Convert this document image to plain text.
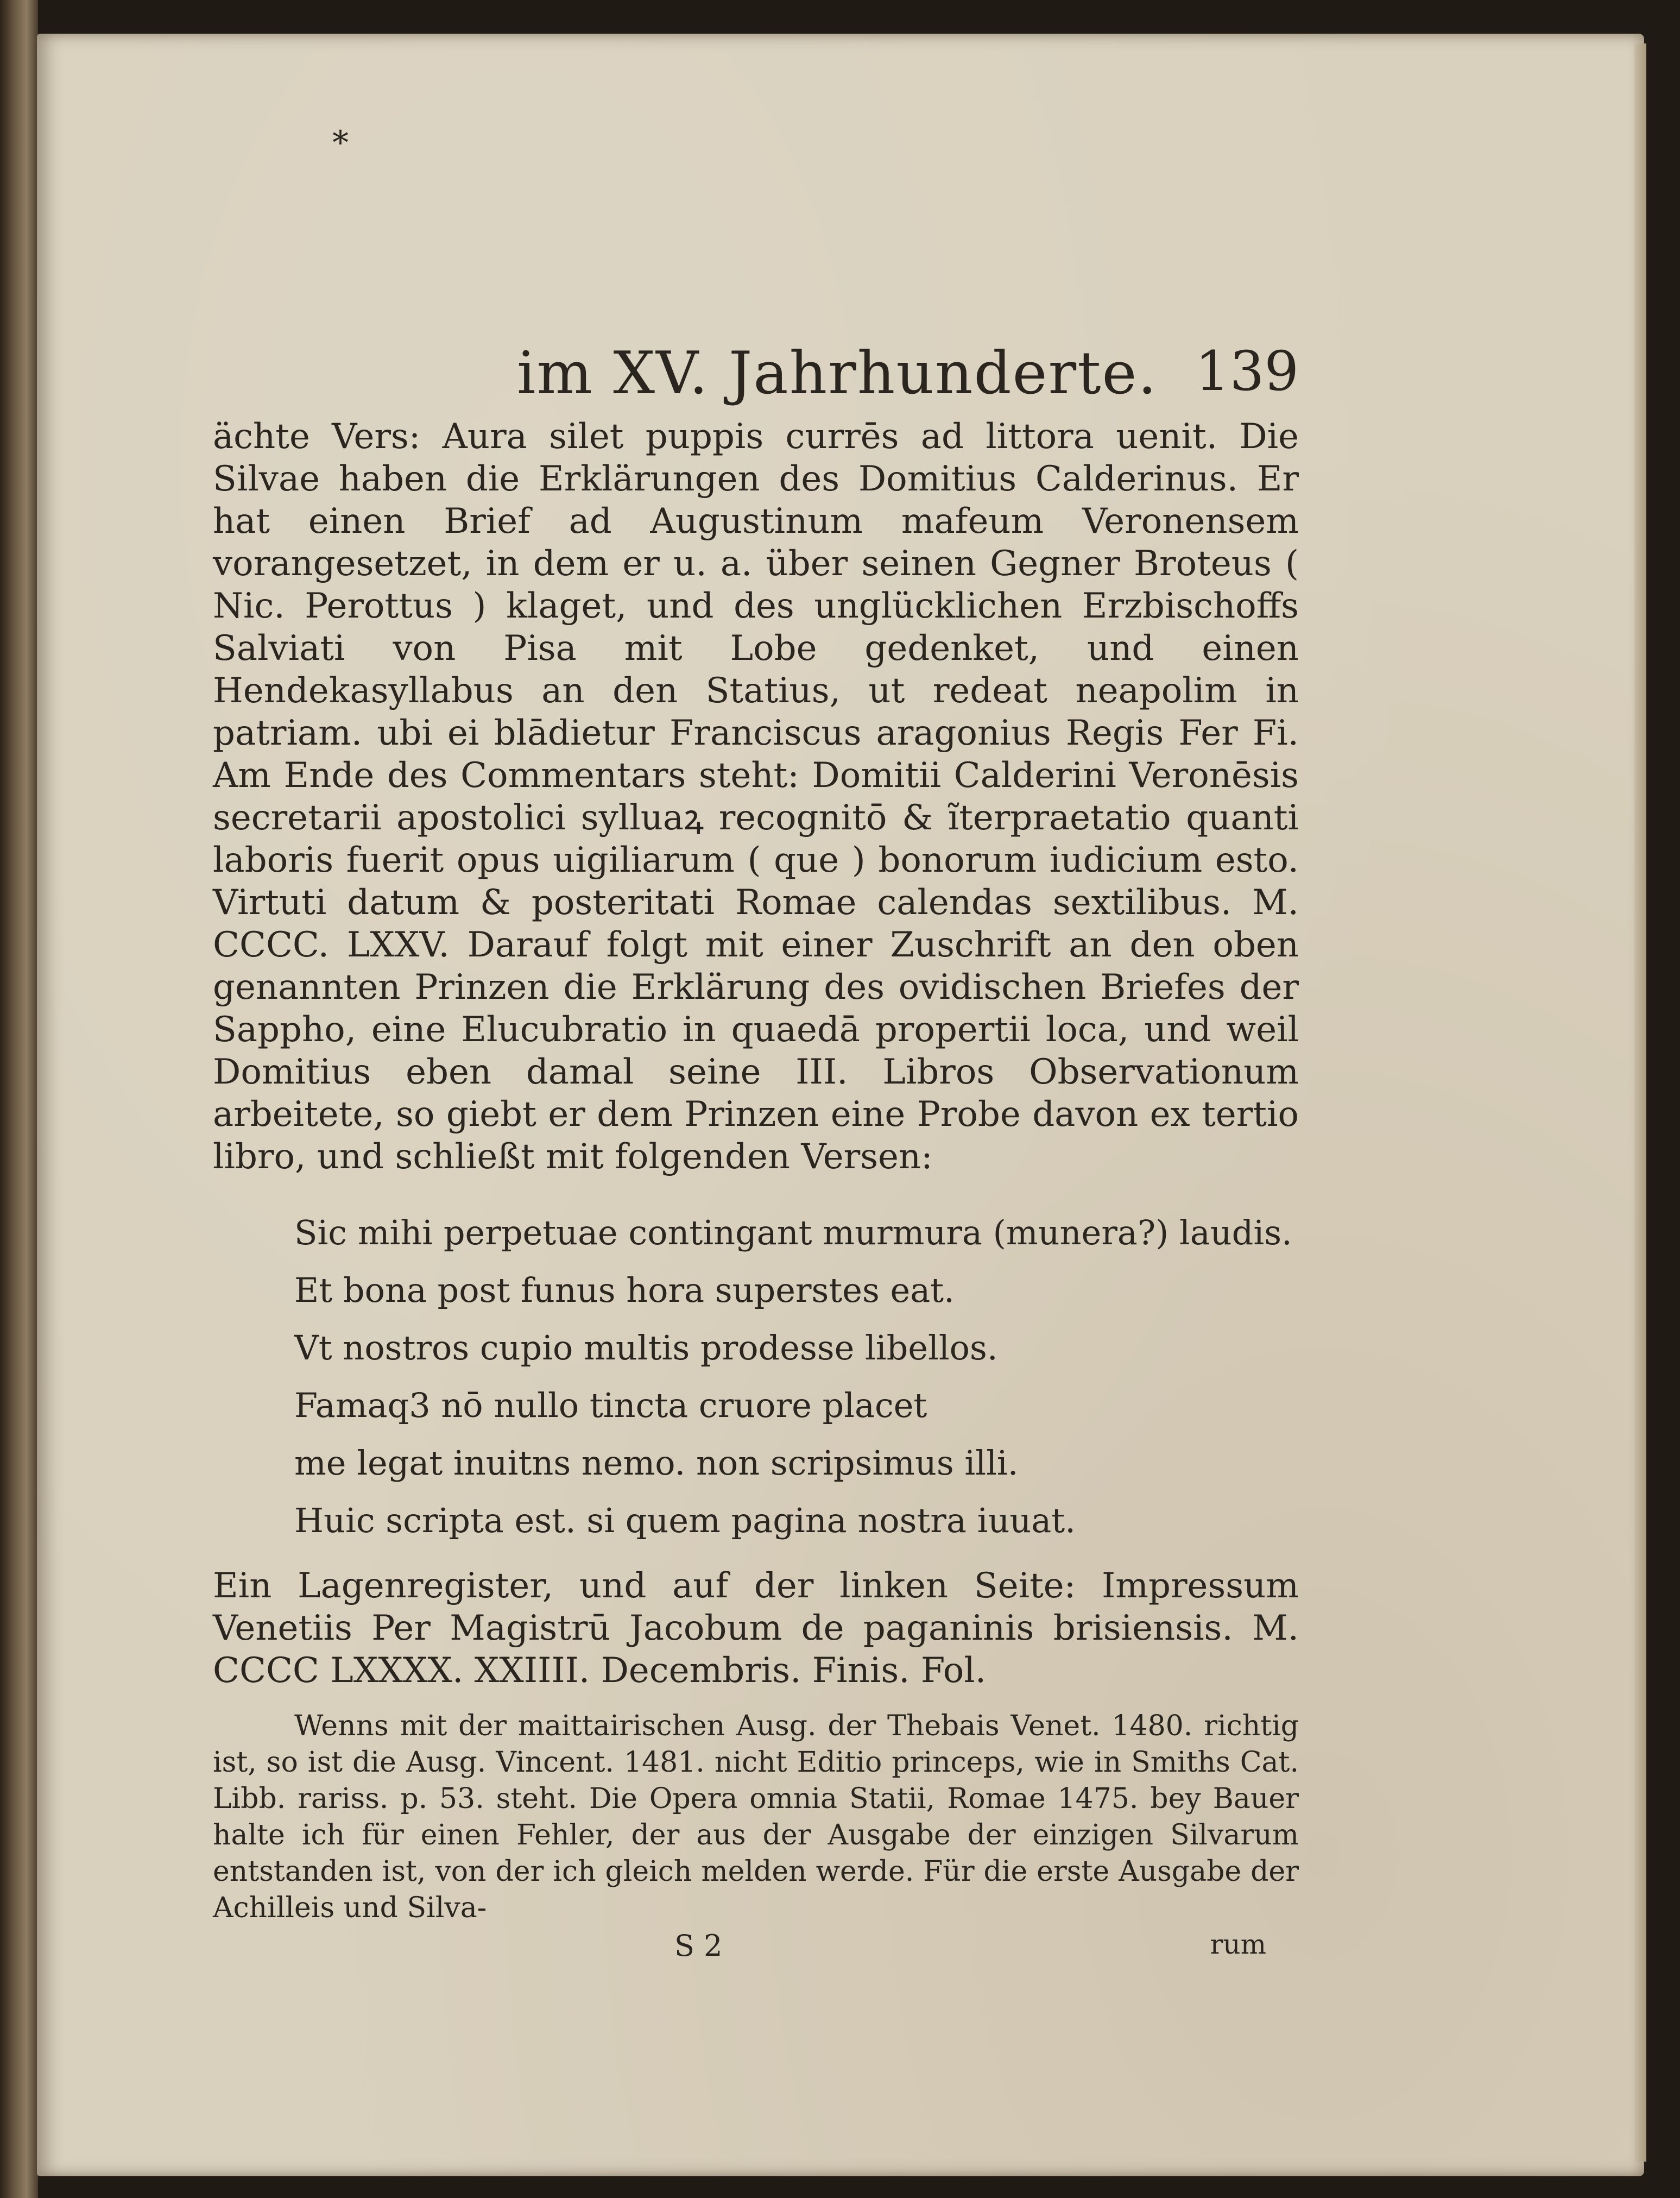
*
im XV. Jahrhunderte. 139

ächte Vers: Aura silet puppis currēs ad littora uenit. Die Silvae haben die Erklärungen des Domitius Calderinus. Er hat einen Brief ad Augustinum mafeum Veronensem vorangesetzet, in dem er u. a. über seinen Gegner Broteus ( Nic. Perottus ) klaget, und des unglücklichen Erzbischoffs Salviati von Pisa mit Lobe gedenket, und einen Hendekasyllabus an den Statius, ut redeat neapolim in patriam. ubi ei blādietur Franciscus aragonius Regis Fer Fi. Am Ende des Commentars steht: Domitii Calderini Veronēsis secretarii apostolici sylluaꝝ recognitō & ĩterpraetatio quanti laboris fuerit opus uigiliarum ( que ) bonorum iudicium esto. Virtuti datum & posteritati Romae calendas sextilibus. M. CCCC. LXXV. Darauf folgt mit einer Zuschrift an den oben genannten Prinzen die Erklärung des ovidischen Briefes der Sappho, eine Elucubratio in quaedā propertii loca, und weil Domitius eben damal seine III. Libros Observationum arbeitete, so giebt er dem Prinzen eine Probe davon ex tertio libro, und schließt mit folgenden Versen:

Sic mihi perpetuae contingant murmura (munera?) laudis.
Et bona post funus hora superstes eat.
Vt nostros cupio multis prodesse libellos.
Famaq3 nō nullo tincta cruore placet
me legat inuitns nemo. non scripsimus illi.
Huic scripta est. si quem pagina nostra iuuat.

Ein Lagenregister, und auf der linken Seite: Impressum Venetiis Per Magistrū Jacobum de paganinis brisiensis. M. CCCC LXXXX. XXIIII. Decembris. Finis. Fol.

Wenns mit der maittairischen Ausg. der Thebais Venet. 1480. richtig ist, so ist die Ausg. Vincent. 1481. nicht Editio princeps, wie in Smiths Cat. Libb. rariss. p. 53. steht. Die Opera omnia Statii, Romae 1475. bey Bauer halte ich für einen Fehler, der aus der Ausgabe der einzigen Silvarum entstanden ist, von der ich gleich melden werde. Für die erste Ausgabe der Achilleis und Silva-

S 2	rum
